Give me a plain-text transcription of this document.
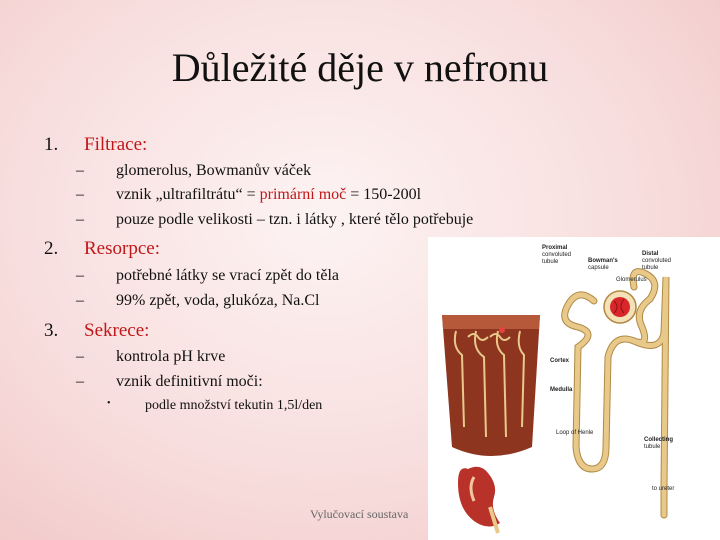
Důležité děje v nefronu
1. Filtrace:
– glomerolus, Bowmanův váček
– vznik „ultrafiltrátu“ = primární moč = 150-200l
– pouze podle velikosti – tzn. i látky , které tělo potřebuje
2. Resorpce:
– potřebné látky se vrací zpět do těla
– 99% zpět, voda, glukóza, Na.Cl
3. Sekrece:
– kontrola pH krve
– vznik definitivní moči:
• podle množství tekutin 1,5l/den
Vylučovací soustava
Proximal
convoluted
tubule	Bowman's
capsule
Glomerulus
Distal
convoluted
tubule
Cortex
Medulla
Loop of Henle
Collecting
tubule
to ureter
